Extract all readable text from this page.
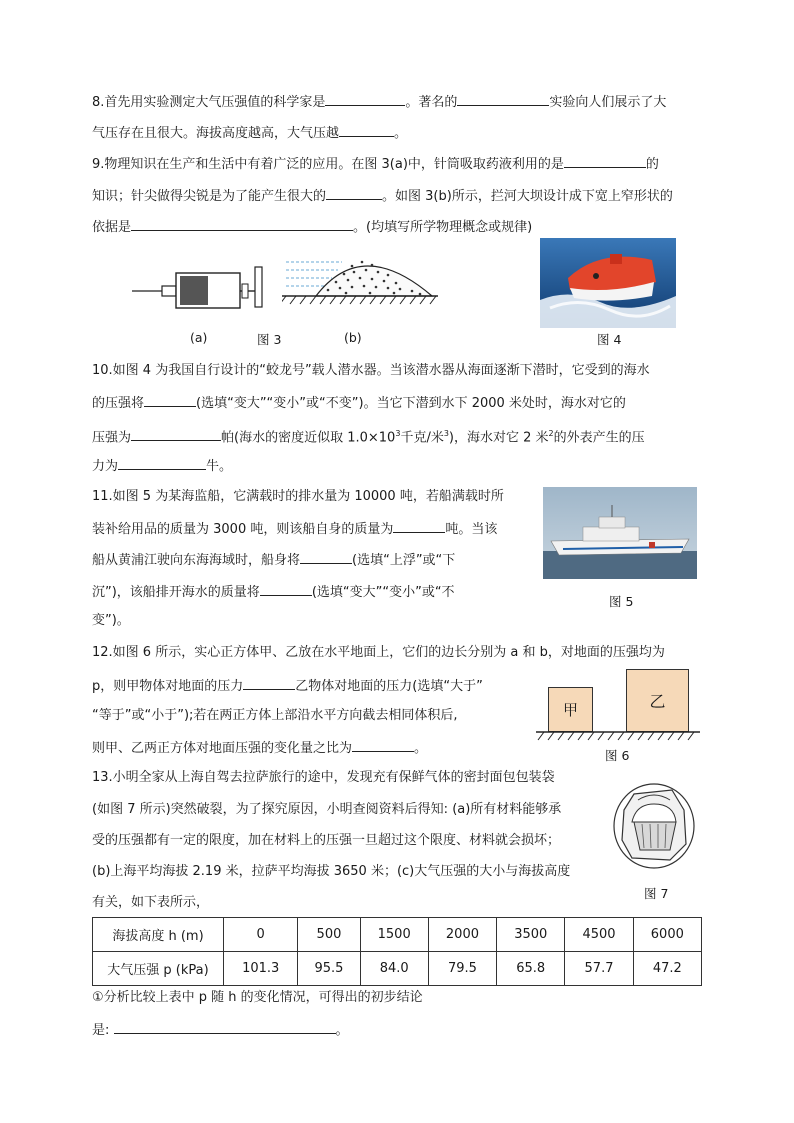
8.首先用实验测定大气压强值的科学家是	。著名的	实验向人们展示了大
气压存在且很大。海拔高度越高，大气压越	。
9.物理知识在生产和生活中有着广泛的应用。在图 3(a)中，针筒吸取药液利用的是	的
知识；针尖做得尖锐是为了能产生很大的	。如图 3(b)所示，拦河大坝设计成下宽上窄形状的
依据是	。(均填写所学物理概念或规律)
(a)	图 3	(b)	图 4
10.如图 4 为我国自行设计的“蛟龙号”载人潜水器。当该潜水器从海面逐渐下潜时，它受到的海水
的压强将	(选填“变大”“变小”或“不变”)。当它下潜到水下 2000 米处时，海水对它的
压强为	帕(海水的密度近似取 $1.0\times 10^3$千克/米$^3$)，海水对它 2 米$^2$的外表产生的压
力为	牛。
11.如图 5 为某海监船，它满载时的排水量为 10000 吨，若船满载时所
装补给用品的质量为 3000 吨，则该船自身的质量为	吨。当该
船从黄浦江驶向东海海域时，船身将	(选填“上浮”或“下
沉”)，该船排开海水的质量将	(选填“变大”“变小”或“不
变”)。
图 5
12.如图 6 所示，实心正方体甲、乙放在水平地面上，它们的边长分别为 a 和 b，对地面的压强均为
p，则甲物体对地面的压力	乙物体对地面的压力(选填“大于”
“等于”或“小于”);若在两正方体上部沿水平方向截去相同体积后,
则甲、乙两正方体对地面压强的变化量之比为	。
甲	乙
图 6
13.小明全家从上海自驾去拉萨旅行的途中，发现充有保鲜气体的密封面包包装袋
(如图 7 所示)突然破裂，为了探究原因，小明查阅资料后得知: (a)所有材料能够承
受的压强都有一定的限度，加在材料上的压强一旦超过这个限度、材料就会损坏；
(b)上海平均海拔 2.19 米，拉萨平均海拔 3650 米；(c)大气压强的大小与海拔高度
有关，如下表所示，
图 7
海拔高度 h (m)	0	500	1500	2000	3500	4500	6000
大气压强 p (kPa)	101.3	95.5	84.0	79.5	65.8	57.7	47.2
①分析比较上表中 p 随 h 的变化情况，可得出的初步结论
是:	。
